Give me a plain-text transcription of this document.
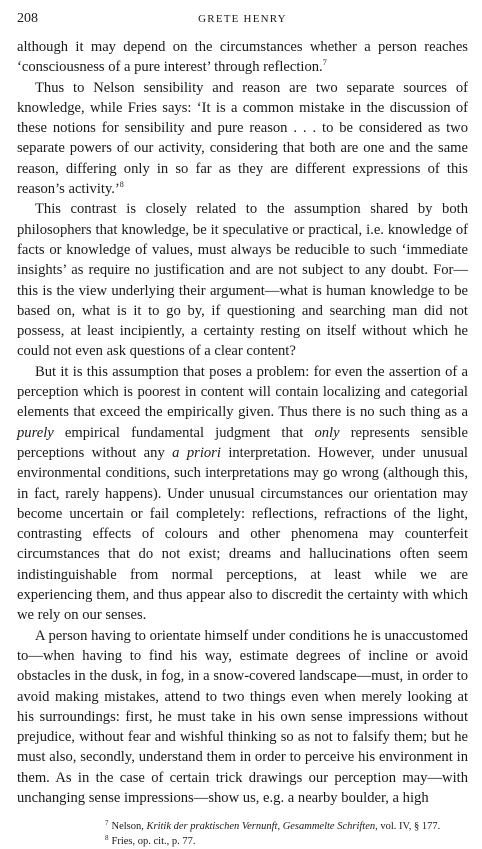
208	GRETE HENRY

although it may depend on the circumstances whether a person reaches ‘consciousness of a pure interest’ through reflection.$^7$

Thus to Nelson sensibility and reason are two separate sources of knowledge, while Fries says: ‘It is a common mistake in the discussion of these notions for sensibility and pure reason . . . to be considered as two separate powers of our activity, considering that both are one and the same reason, differing only in so far as they are different expressions of this reason’s activity.’$^8$

This contrast is closely related to the assumption shared by both philosophers that knowledge, be it speculative or practical, i.e. knowledge of facts or knowledge of values, must always be reducible to such ‘immediate insights’ as require no justification and are not subject to any doubt. For—this is the view underlying their argument—what is human knowledge to be based on, what is it to go by, if questioning and searching man did not possess, at least incipiently, a certainty resting on itself without which he could not even ask questions of a clear content?

But it is this assumption that poses a problem: for even the assertion of a perception which is poorest in content will contain localizing and categorial elements that exceed the empirically given. Thus there is no such thing as a purely empirical fundamental judgment that only represents sensible perceptions without any a priori interpretation. However, under unusual environmental conditions, such interpretations may go wrong (although this, in fact, rarely happens). Under unusual circumstances our orientation may become uncertain or fail completely: reflections, refractions of the light, contrasting effects of colours and other phenomena may counterfeit circumstances that do not exist; dreams and hallucinations often seem indistinguishable from normal perceptions, at least while we are experiencing them, and thus appear also to discredit the certainty with which we rely on our senses.

A person having to orientate himself under conditions he is unaccustomed to—when having to find his way, estimate degrees of incline or avoid obstacles in the dusk, in fog, in a snow-covered landscape—must, in order to avoid making mistakes, attend to two things even when merely looking at his surroundings: first, he must take in his own sense impressions without prejudice, without fear and wishful thinking so as not to falsify them; but he must also, secondly, understand them in order to perceive his environment in them. As in the case of certain trick drawings our perception may—with unchanging sense impressions—show us, e.g. a nearby boulder, a high

$^7$ Nelson, Kritik der praktischen Vernunft, Gesammelte Schriften, vol. IV, § 177.

$^8$ Fries, op. cit., p. 77.
